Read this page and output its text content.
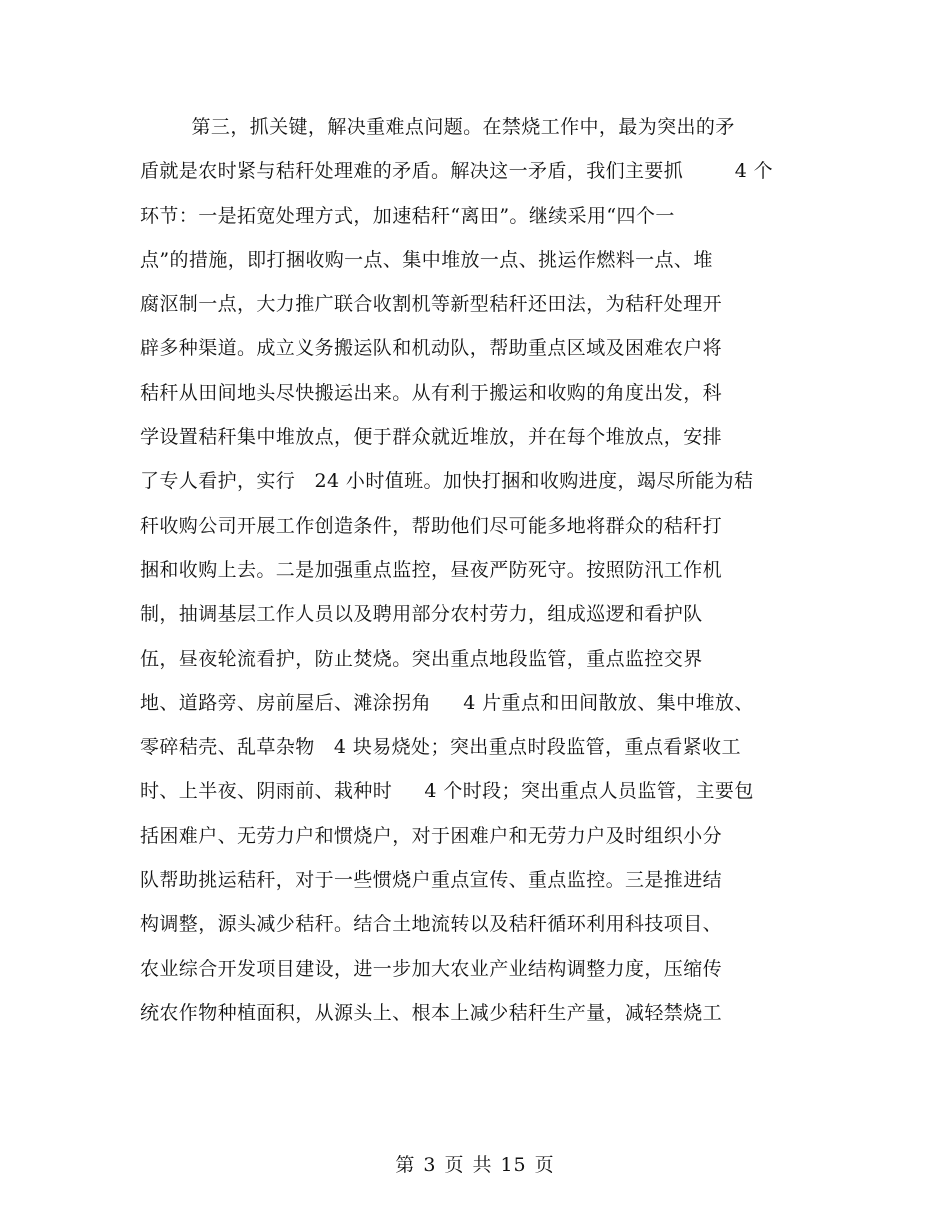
第三，抓关键，解决重难点问题。在禁烧工作中，最为突出的矛
盾就是农时紧与秸秆处理难的矛盾。解决这一矛盾，我们主要抓        4 个
环节：一是拓宽处理方式，加速秸秆“离田”。继续采用“四个一
点”的措施，即打捆收购一点、集中堆放一点、挑运作燃料一点、堆
腐沤制一点，大力推广联合收割机等新型秸秆还田法，为秸秆处理开
辟多种渠道。成立义务搬运队和机动队，帮助重点区域及困难农户将
秸秆从田间地头尽快搬运出来。从有利于搬运和收购的角度出发，科
学设置秸秆集中堆放点，便于群众就近堆放，并在每个堆放点，安排
了专人看护，实行   24 小时值班。加快打捆和收购进度，竭尽所能为秸
秆收购公司开展工作创造条件，帮助他们尽可能多地将群众的秸秆打
捆和收购上去。二是加强重点监控，昼夜严防死守。按照防汛工作机
制，抽调基层工作人员以及聘用部分农村劳力，组成巡逻和看护队
伍，昼夜轮流看护，防止焚烧。突出重点地段监管，重点监控交界
地、道路旁、房前屋后、滩涂拐角     4 片重点和田间散放、集中堆放、
零碎秸壳、乱草杂物   4 块易烧处；突出重点时段监管，重点看紧收工
时、上半夜、阴雨前、栽种时     4 个时段；突出重点人员监管，主要包
括困难户、无劳力户和惯烧户，对于困难户和无劳力户及时组织小分
队帮助挑运秸秆，对于一些惯烧户重点宣传、重点监控。三是推进结
构调整，源头减少秸秆。结合土地流转以及秸秆循环利用科技项目、
农业综合开发项目建设，进一步加大农业产业结构调整力度，压缩传
统农作物种植面积，从源头上、根本上减少秸秆生产量，减轻禁烧工
第 3 页 共 15 页
